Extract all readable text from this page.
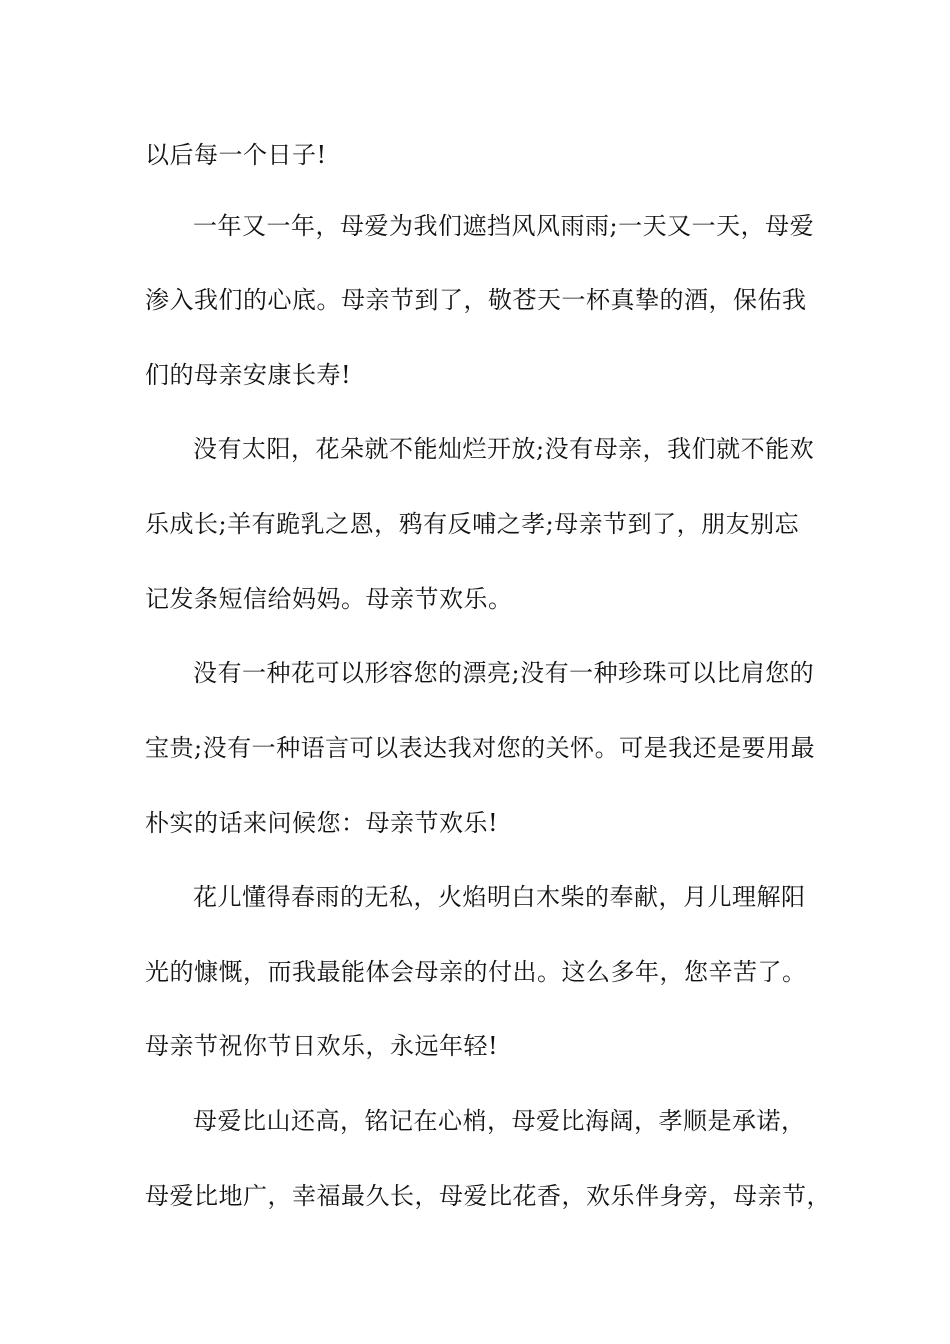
以后每一个日子!
一年又一年，母爱为我们遮挡风风雨雨;一天又一天，母爱
渗入我们的心底。母亲节到了，敬苍天一杯真挚的酒，保佑我
们的母亲安康长寿!
没有太阳，花朵就不能灿烂开放;没有母亲，我们就不能欢
乐成长;羊有跪乳之恩，鸦有反哺之孝;母亲节到了，朋友别忘
记发条短信给妈妈。母亲节欢乐。
没有一种花可以形容您的漂亮;没有一种珍珠可以比肩您的
宝贵;没有一种语言可以表达我对您的关怀。可是我还是要用最
朴实的话来问候您：母亲节欢乐!
花儿懂得春雨的无私，火焰明白木柴的奉献，月儿理解阳
光的慷慨，而我最能体会母亲的付出。这么多年，您辛苦了。
母亲节祝你节日欢乐，永远年轻!
母爱比山还高，铭记在心梢，母爱比海阔，孝顺是承诺，
母爱比地广，幸福最久长，母爱比花香，欢乐伴身旁，母亲节，
